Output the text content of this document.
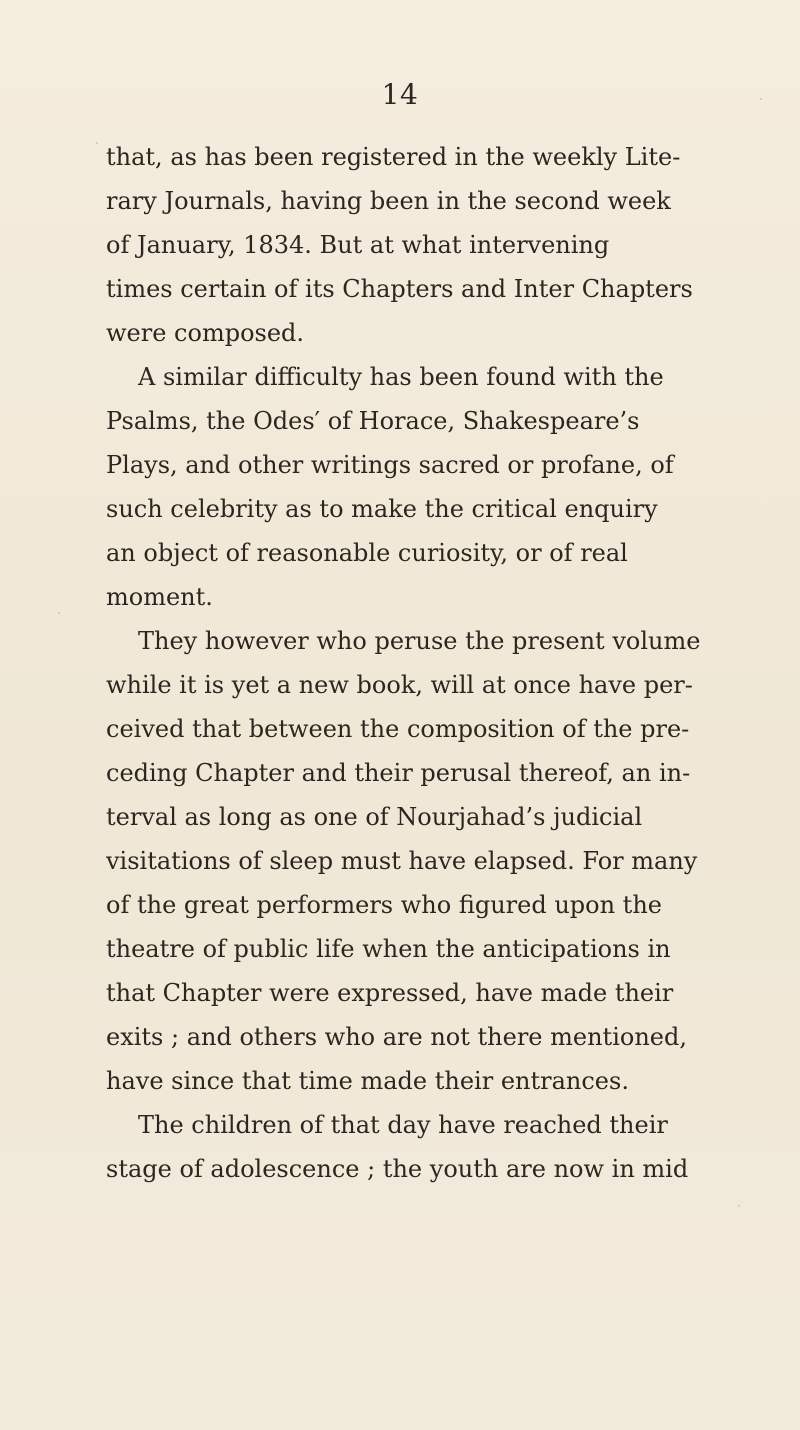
14
that, as has been registered in the weekly Lite-
rary Journals, having been in the second week
of January, 1834. But at what intervening
times certain of its Chapters and Inter Chapters
were composed.
A similar difficulty has been found with the
Psalms, the Odes′ of Horace, Shakespeare’s
Plays, and other writings sacred or profane, of
such celebrity as to make the critical enquiry
an object of reasonable curiosity, or of real
moment.
They however who peruse the present volume
while it is yet a new book, will at once have per-
ceived that between the composition of the pre-
ceding Chapter and their perusal thereof, an in-
terval as long as one of Nourjahad’s judicial
visitations of sleep must have elapsed. For many
of the great performers who figured upon the
theatre of public life when the anticipations in
that Chapter were expressed, have made their
exits ; and others who are not there mentioned,
have since that time made their entrances.
The children of that day have reached their
stage of adolescence ; the youth are now in mid
